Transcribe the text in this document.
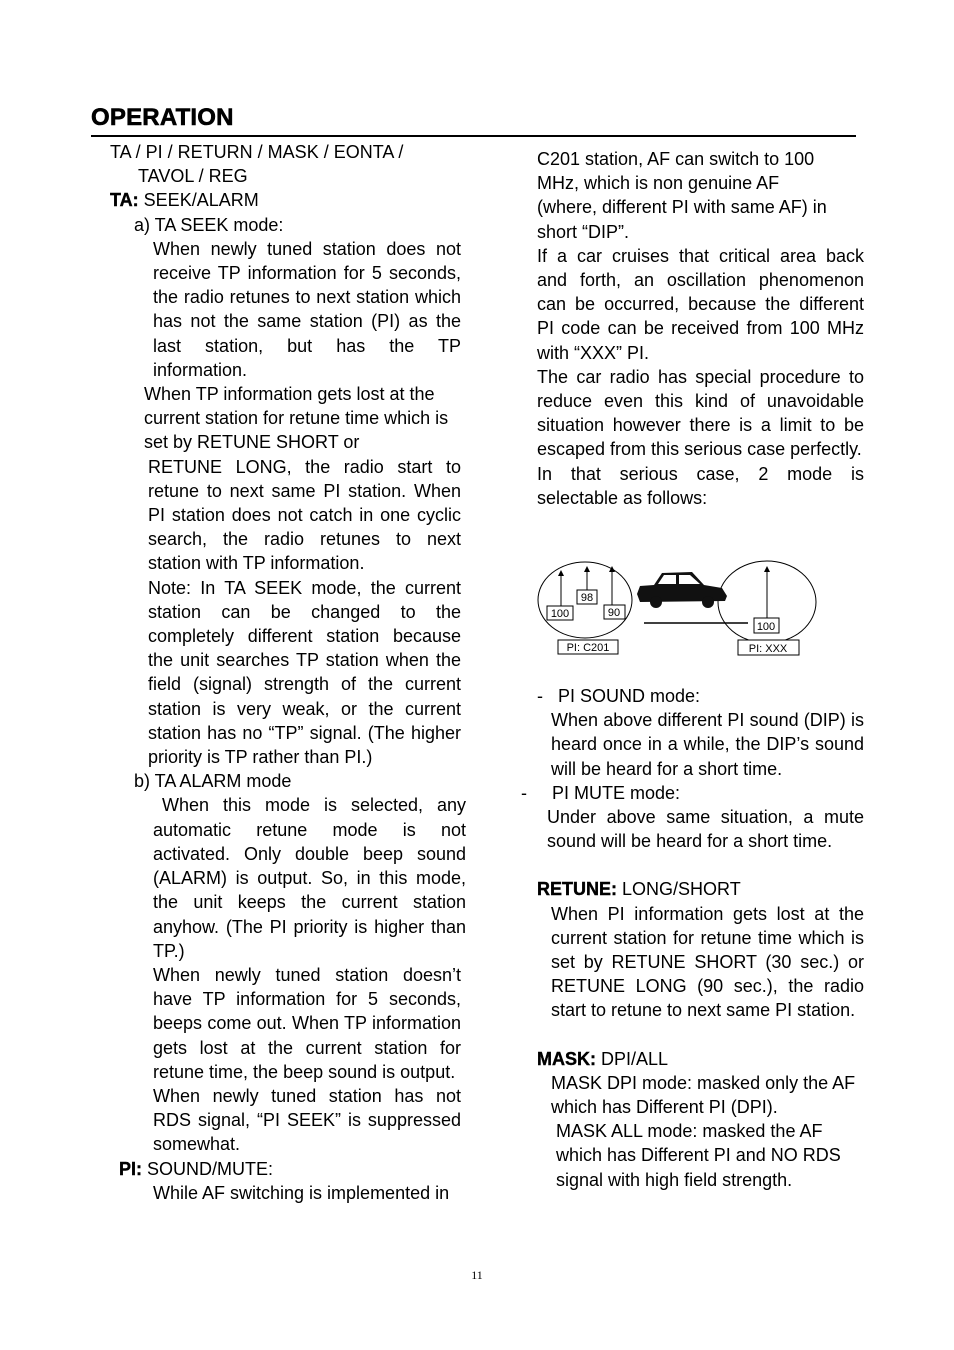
OPERATION

TA / PI / RETURN / MASK / EONTA /

TAVOL / REG

TA: SEEK/ALARM

a) TA SEEK mode:

When newly tuned station does not receive TP information for 5 seconds, the radio retunes to next station which has not the same station (PI) as the last station, but has the TP information.

When TP information gets lost at the current station for retune time which is set by RETUNE SHORT or

RETUNE LONG, the radio start to retune to next same PI station. When PI station does not catch in one cyclic search, the radio retunes to next station with TP information.

Note: In TA SEEK mode, the current station can be changed to the completely different station because the unit searches TP station when the field (signal) strength of the current station is very weak, or the current station has no “TP” signal. (The higher priority is TP rather than PI.)

b) TA ALARM mode

When this mode is selected, any automatic retune mode is not activated. Only double beep sound (ALARM) is output. So, in this mode, the unit keeps the current station anyhow. (The PI priority is higher than TP.)

When newly tuned station doesn’t have TP information for 5 seconds, beeps come out. When TP information gets lost at the current station for retune time, the beep sound is output.

When newly tuned station has not RDS signal, “PI SEEK” is suppressed somewhat.

PI: SOUND/MUTE:

While AF switching is implemented in

C201 station, AF can switch to 100 MHz, which is non genuine AF (where, different PI with same AF) in short “DIP”.

If a car cruises that critical area back and forth, an oscillation phenomenon can be occurred, because the different PI code can be received from 100 MHz with “XXX” PI.

The car radio has special procedure to reduce even this kind of unavoidable situation however there is a limit to be escaped from this serious case perfectly.

In that serious case, 2 mode is selectable as follows:

100
98
90
100
PI: C201	PI: XXX

- PI SOUND mode:

When above different PI sound (DIP) is heard once in a while, the DIP’s sound will be heard for a short time.

- PI MUTE mode:

Under above same situation, a mute sound will be heard for a short time.

RETUNE: LONG/SHORT

When PI information gets lost at the current station for retune time which is set by RETUNE SHORT (30 sec.) or RETUNE LONG (90 sec.), the radio start to retune to next same PI station.

MASK: DPI/ALL

MASK DPI mode: masked only the AF which has Different PI (DPI).

MASK ALL mode: masked the AF which has Different PI and NO RDS signal with high field strength.

11
